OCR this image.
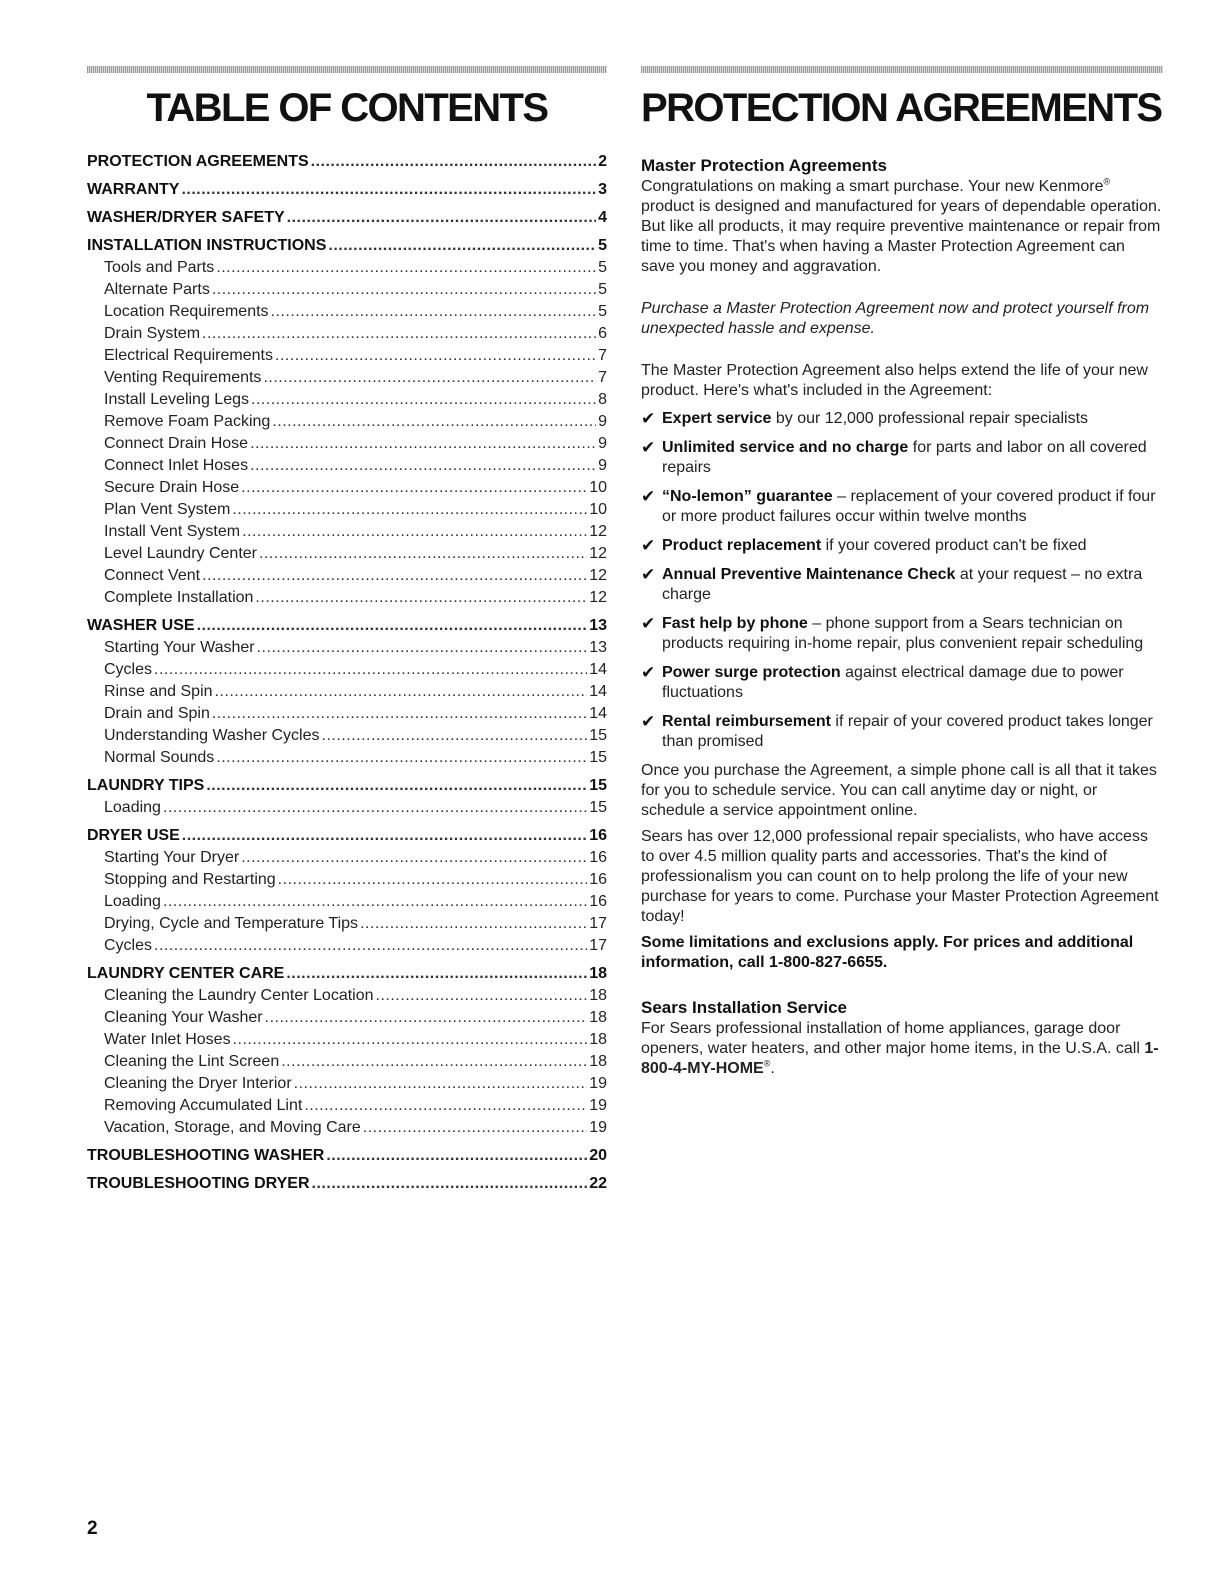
TABLE OF CONTENTS
PROTECTION AGREEMENTS .....	2
WARRANTY .....	3
WASHER/DRYER SAFETY .....	4
INSTALLATION INSTRUCTIONS .....	5
Tools and Parts .....	5
Alternate Parts .....	5
Location Requirements .....	5
Drain System .....	6
Electrical Requirements .....	7
Venting Requirements .....	7
Install Leveling Legs .....	8
Remove Foam Packing .....	9
Connect Drain Hose .....	9
Connect Inlet Hoses .....	9
Secure Drain Hose .....	10
Plan Vent System .....	10
Install Vent System .....	12
Level Laundry Center .....	12
Connect Vent .....	12
Complete Installation .....	12
WASHER USE .....	13
Starting Your Washer .....	13
Cycles .....	14
Rinse and Spin .....	14
Drain and Spin .....	14
Understanding Washer Cycles .....	15
Normal Sounds .....	15
LAUNDRY TIPS .....	15
Loading .....	15
DRYER USE .....	16
Starting Your Dryer .....	16
Stopping and Restarting .....	16
Loading .....	16
Drying, Cycle and Temperature Tips .....	17
Cycles .....	17
LAUNDRY CENTER CARE .....	18
Cleaning the Laundry Center Location .....	18
Cleaning Your Washer .....	18
Water Inlet Hoses .....	18
Cleaning the Lint Screen .....	18
Cleaning the Dryer Interior .....	19
Removing Accumulated Lint .....	19
Vacation, Storage, and Moving Care .....	19
TROUBLESHOOTING WASHER .....	20
TROUBLESHOOTING DRYER .....	22
PROTECTION AGREEMENTS
Master Protection Agreements

Congratulations on making a smart purchase. Your new Kenmore® product is designed and manufactured for years of dependable operation. But like all products, it may require preventive maintenance or repair from time to time. That's when having a Master Protection Agreement can save you money and aggravation.

Purchase a Master Protection Agreement now and protect yourself from unexpected hassle and expense.

The Master Protection Agreement also helps extend the life of your new product. Here's what's included in the Agreement:

✔ Expert service by our 12,000 professional repair specialists
✔ Unlimited service and no charge for parts and labor on all covered repairs
✔ “No-lemon” guarantee – replacement of your covered product if four or more product failures occur within twelve months
✔ Product replacement if your covered product can't be fixed
✔ Annual Preventive Maintenance Check at your request – no extra charge
✔ Fast help by phone – phone support from a Sears technician on products requiring in-home repair, plus convenient repair scheduling
✔ Power surge protection against electrical damage due to power fluctuations
✔ Rental reimbursement if repair of your covered product takes longer than promised

Once you purchase the Agreement, a simple phone call is all that it takes for you to schedule service. You can call anytime day or night, or schedule a service appointment online.

Sears has over 12,000 professional repair specialists, who have access to over 4.5 million quality parts and accessories. That's the kind of professionalism you can count on to help prolong the life of your new purchase for years to come. Purchase your Master Protection Agreement today!

Some limitations and exclusions apply. For prices and additional information, call 1-800-827-6655.

Sears Installation Service

For Sears professional installation of home appliances, garage door openers, water heaters, and other major home items, in the U.S.A. call 1-800-4-MY-HOME®.

2
